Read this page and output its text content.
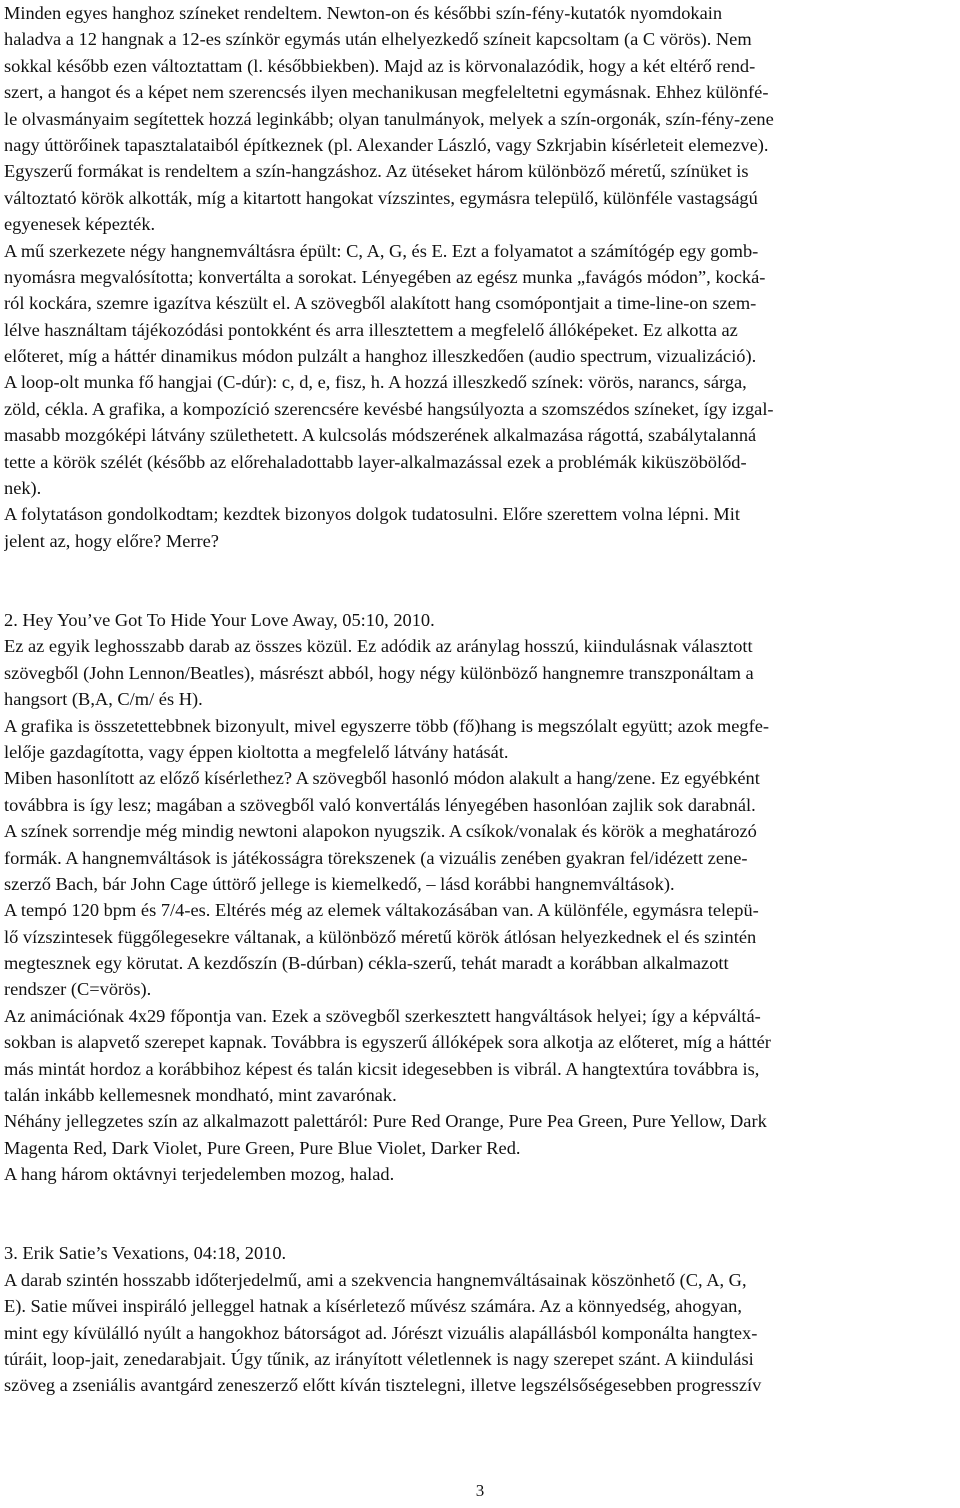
Minden egyes hanghoz színeket rendeltem. Newton-on és későbbi szín-fény-kutatók nyomdokain
haladva a 12 hangnak a 12-es színkör egymás után elhelyezkedő színeit kapcsoltam (a C vörös). Nem
sokkal később ezen változtattam (l. későbbiekben). Majd az is körvonalazódik, hogy a két eltérő rend-
szert, a hangot és a képet nem szerencsés ilyen mechanikusan megfeleltetni egymásnak. Ehhez különfé-
le olvasmányaim segítettek hozzá leginkább; olyan tanulmányok, melyek a szín-orgonák, szín-fény-zene
nagy úttörőinek tapasztalataiból építkeznek (pl. Alexander László, vagy Szkrjabin kísérleteit elemezve).
Egyszerű formákat is rendeltem a szín-hangzáshoz. Az ütéseket három különböző méretű, színüket is
változtató körök alkották, míg a kitartott hangokat vízszintes, egymásra települő, különféle vastagságú
egyenesek képezték.
A mű szerkezete négy hangnemváltásra épült: C, A, G, és E. Ezt a folyamatot a számítógép egy gomb-
nyomásra megvalósította; konvertálta a sorokat. Lényegében az egész munka „favágós módon”, kocká-
ról kockára, szemre igazítva készült el. A szövegből alakított hang csomópontjait a time-line-on szem-
lélve használtam tájékozódási pontokként és arra illesztettem a megfelelő állóképeket. Ez alkotta az
előteret, míg a háttér dinamikus módon pulzált a hanghoz illeszkedően (audio spectrum, vizualizáció).
A loop-olt munka fő hangjai (C-dúr): c, d, e, fisz, h. A hozzá illeszkedő színek: vörös, narancs, sárga,
zöld, cékla. A grafika, a kompozíció szerencsére kevésbé hangsúlyozta a szomszédos színeket, így izgal-
masabb mozgóképi látvány születhetett. A kulcsolás módszerének alkalmazása rágottá, szabálytalanná
tette a körök szélét (később az előrehaladottabb layer-alkalmazással ezek a problémák kiküszöbölőd-
nek).
A folytatáson gondolkodtam; kezdtek bizonyos dolgok tudatosulni. Előre szerettem volna lépni. Mit
jelent az, hogy előre? Merre?
2. Hey You’ve Got To Hide Your Love Away, 05:10, 2010.
Ez az egyik leghosszabb darab az összes közül. Ez adódik az aránylag hosszú, kiindulásnak választott
szövegből (John Lennon/Beatles), másrészt abból, hogy négy különböző hangnemre transzponáltam a
hangsort (B,A, C/m/ és H).
A grafika is összetettebbnek bizonyult, mivel egyszerre több (fő)hang is megszólalt együtt; azok megfe-
lelője gazdagította, vagy éppen kioltotta a megfelelő látvány hatását.
Miben hasonlított az előző kísérlethez? A szövegből hasonló módon alakult a hang/zene. Ez egyébként
továbbra is így lesz; magában a szövegből való konvertálás lényegében hasonlóan zajlik sok darabnál.
A színek sorrendje még mindig newtoni alapokon nyugszik. A csíkok/vonalak és körök a meghatározó
formák. A hangnemváltások is játékosságra törekszenek (a vizuális zenében gyakran fel/idézett zene-
szerző Bach, bár John Cage úttörő jellege is kiemelkedő, – lásd korábbi hangnemváltások).
A tempó 120 bpm és 7/4-es. Eltérés még az elemek váltakozásában van. A különféle, egymásra telepü-
lő vízszintesek függőlegesekre váltanak, a különböző méretű körök átlósan helyezkednek el és szintén
megtesznek egy körutat. A kezdőszín (B-dúrban) cékla-szerű, tehát maradt a korábban alkalmazott
rendszer (C=vörös).
Az animációnak 4x29 főpontja van. Ezek a szövegből szerkesztett hangváltások helyei; így a képváltá-
sokban is alapvető szerepet kapnak. Továbbra is egyszerű állóképek sora alkotja az előteret, míg a háttér
más mintát hordoz a korábbihoz képest és talán kicsit idegesebben is vibrál. A hangtextúra továbbra is,
talán inkább kellemesnek mondható, mint zavarónak.
Néhány jellegzetes szín az alkalmazott palettáról: Pure Red Orange, Pure Pea Green, Pure Yellow, Dark
Magenta Red, Dark Violet, Pure Green, Pure Blue Violet, Darker Red.
A hang három oktávnyi terjedelemben mozog, halad.
3. Erik Satie’s Vexations, 04:18, 2010.
A darab szintén hosszabb időterjedelmű, ami a szekvencia hangnemváltásainak köszönhető (C, A, G,
E). Satie művei inspiráló jelleggel hatnak a kísérletező művész számára. Az a könnyedség, ahogyan,
mint egy kívülálló nyúlt a hangokhoz bátorságot ad. Jórészt vizuális alapállásból komponálta hangtex-
túráit, loop-jait, zenedarabjait. Úgy tűnik, az irányított véletlennek is nagy szerepet szánt. A kiindulási
szöveg a zseniális avantgárd zeneszerző előtt kíván tisztelegni, illetve legszélsőségesebben progresszív
3
